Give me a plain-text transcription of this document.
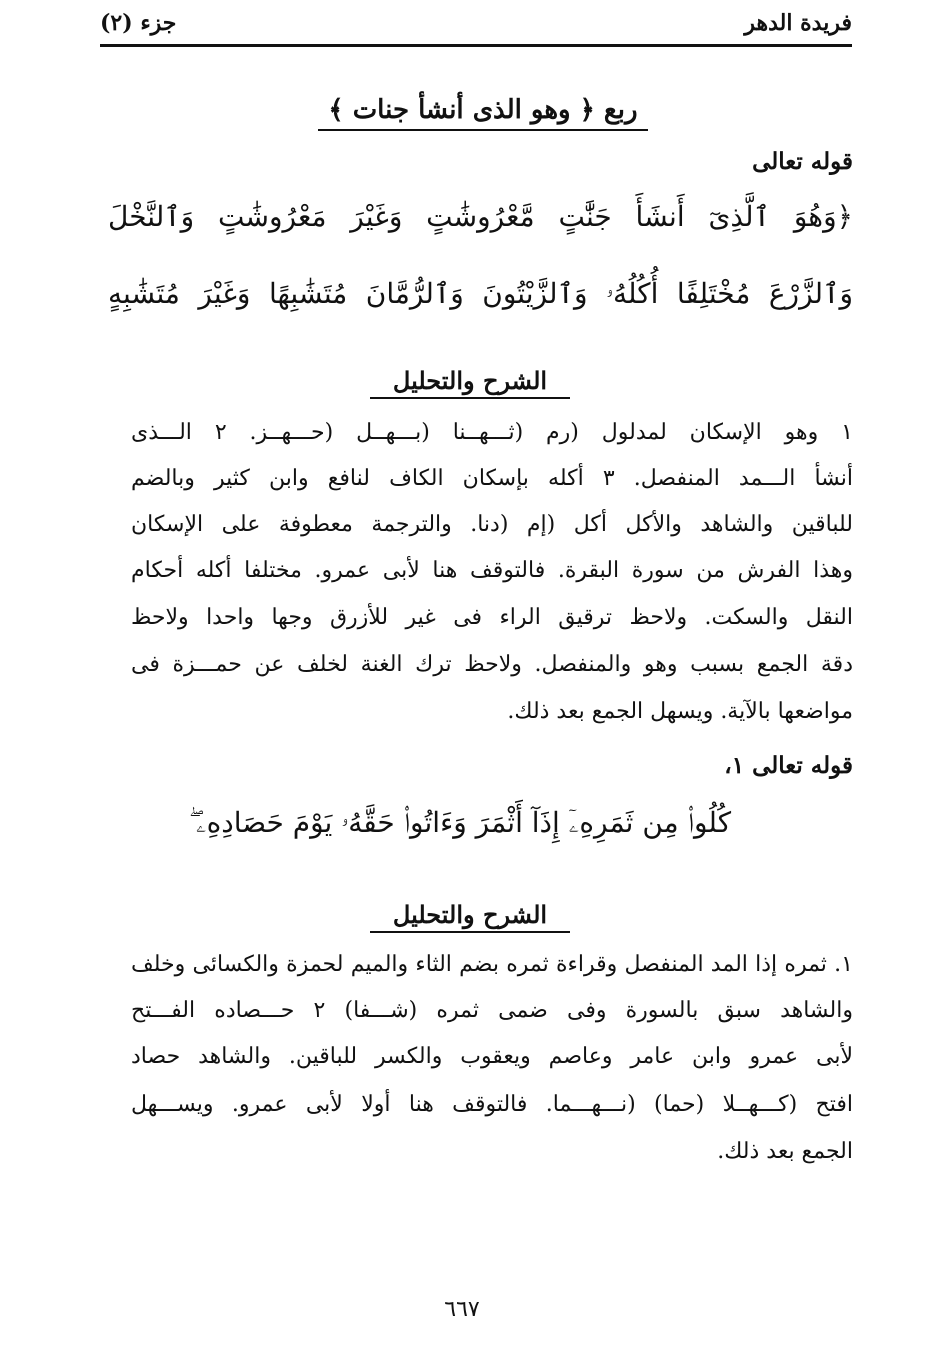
فريدة الدهر
جزء (٢)
ربع ﴿ وهو الذى أنشأ جنات ﴾
قوله تعالى
﴿وَهُوَ ٱلَّذِىٓ أَنشَأَ جَنَّٰتٍ مَّعْرُوشَٰتٍ وَغَيْرَ مَعْرُوشَٰتٍ وَٱلنَّخْلَ
وَٱلزَّرْعَ مُخْتَلِفًا أُكُلُهُۥ وَٱلزَّيْتُونَ وَٱلرُّمَّانَ مُتَشَٰبِهًا وَغَيْرَ مُتَشَٰبِهٍ
الشرح والتحليل
١ وهو الإسكان لمدلول (رم (ثـــهــنا (بـــهــل (حـــهــز. ٢ الـــذى
أنشأ الـــمد المنفصل. ٣ أكله بإسكان الكاف لنافع وابن كثير وبالضم
للباقين والشاهد والأكل أكل (إم (دنا. والترجمة معطوفة على الإسكان
وهذا الفرش من سورة البقرة. فالتوقف هنا لأبى عمرو. مختلفا أكله أحكام
النقل والسكت. ولاحظ ترقيق الراء فى غير للأزرق وجها واحدا ولاحظ
دقة الجمع بسبب وهو والمنفصل. ولاحظ ترك الغنة لخلف عن حمـــزة فى
مواضعها بالآية. ويسهل الجمع بعد ذلك.
قوله تعالى ١،
كُلُوا۟ مِن ثَمَرِهِۦٓ إِذَآ أَثْمَرَ وَءَاتُوا۟ حَقَّهُۥ يَوْمَ حَصَادِهِۦ ۖ
الشرح والتحليل
١. ثمره إذا المد المنفصل وقراءة ثمره بضم الثاء والميم لحمزة والكسائى وخلف
والشاهد سبق بالسورة وفى ضمى ثمره (شـــفا) ٢ حـــصاده الفـــتح
لأبى عمرو وابن عامر وعاصم ويعقوب والكسر للباقين. والشاهد حصاد
افتح (كـــهــلا (حما) (نـــهـــما. فالتوقف هنا أولا لأبى عمرو. ويســـهل
الجمع بعد ذلك.
٦٦٧
